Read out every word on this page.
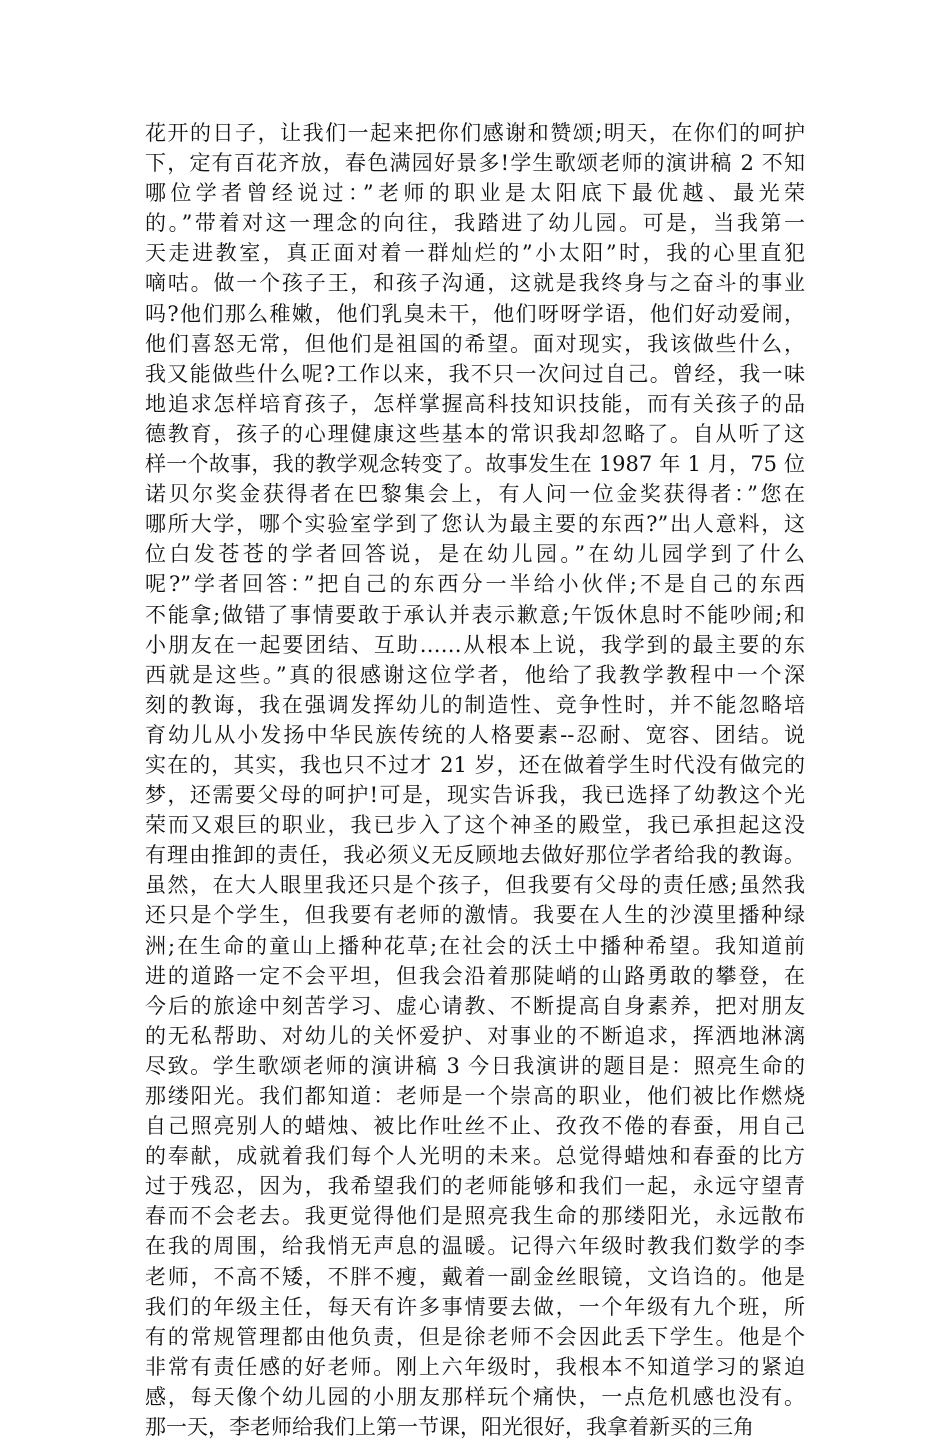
花开的日子，让我们一起来把你们感谢和赞颂;明天，在你们的呵护
下，定有百花齐放，春色满园好景多!学生歌颂老师的演讲稿 2 不知
哪位学者曾经说过：”老师的职业是太阳底下最优越、最光荣
的。”带着对这一理念的向往，我踏进了幼儿园。可是，当我第一
天走进教室，真正面对着一群灿烂的”小太阳”时，我的心里直犯
嘀咕。做一个孩子王，和孩子沟通，这就是我终身与之奋斗的事业
吗?他们那么稚嫩，他们乳臭未干，他们呀呀学语，他们好动爱闹，
他们喜怒无常，但他们是祖国的希望。面对现实，我该做些什么，
我又能做些什么呢?工作以来，我不只一次问过自己。曾经，我一味
地追求怎样培育孩子，怎样掌握高科技知识技能，而有关孩子的品
德教育，孩子的心理健康这些基本的常识我却忽略了。自从听了这
样一个故事，我的教学观念转变了。故事发生在 1987 年 1 月，75 位
诺贝尔奖金获得者在巴黎集会上，有人问一位金奖获得者：”您在
哪所大学，哪个实验室学到了您认为最主要的东西?”出人意料，这
位白发苍苍的学者回答说，是在幼儿园。”在幼儿园学到了什么
呢?”学者回答：”把自己的东西分一半给小伙伴;不是自己的东西
不能拿;做错了事情要敢于承认并表示歉意;午饭休息时不能吵闹;和
小朋友在一起要团结、互助……从根本上说，我学到的最主要的东
西就是这些。”真的很感谢这位学者，他给了我教学教程中一个深
刻的教诲，我在强调发挥幼儿的制造性、竞争性时，并不能忽略培
育幼儿从小发扬中华民族传统的人格要素--忍耐、宽容、团结。说
实在的，其实，我也只不过才 21 岁，还在做着学生时代没有做完的
梦，还需要父母的呵护!可是，现实告诉我，我已选择了幼教这个光
荣而又艰巨的职业，我已步入了这个神圣的殿堂，我已承担起这没
有理由推卸的责任，我必须义无反顾地去做好那位学者给我的教诲。
虽然，在大人眼里我还只是个孩子，但我要有父母的责任感;虽然我
还只是个学生，但我要有老师的激情。我要在人生的沙漠里播种绿
洲;在生命的童山上播种花草;在社会的沃土中播种希望。我知道前
进的道路一定不会平坦，但我会沿着那陡峭的山路勇敢的攀登，在
今后的旅途中刻苦学习、虚心请教、不断提高自身素养，把对朋友
的无私帮助、对幼儿的关怀爱护、对事业的不断追求，挥洒地淋漓
尽致。学生歌颂老师的演讲稿 3 今日我演讲的题目是：照亮生命的
那缕阳光。我们都知道：老师是一个崇高的职业，他们被比作燃烧
自己照亮别人的蜡烛、被比作吐丝不止、孜孜不倦的春蚕，用自己
的奉献，成就着我们每个人光明的未来。总觉得蜡烛和春蚕的比方
过于残忍，因为，我希望我们的老师能够和我们一起，永远守望青
春而不会老去。我更觉得他们是照亮我生命的那缕阳光，永远散布
在我的周围，给我悄无声息的温暖。记得六年级时教我们数学的李
老师，不高不矮，不胖不瘦，戴着一副金丝眼镜，文诌诌的。他是
我们的年级主任，每天有许多事情要去做，一个年级有九个班，所
有的常规管理都由他负责，但是徐老师不会因此丢下学生。他是个
非常有责任感的好老师。刚上六年级时，我根本不知道学习的紧迫
感，每天像个幼儿园的小朋友那样玩个痛快，一点危机感也没有。
那一天，李老师给我们上第一节课，阳光很好，我拿着新买的三角
